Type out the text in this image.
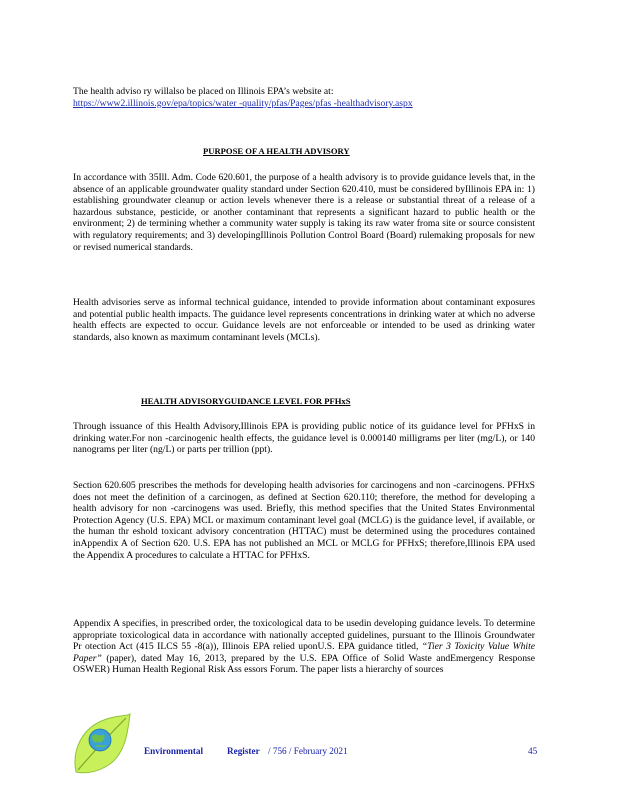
The health adviso ry willalso be placed on Illinois EPA’s website at:
https://www2.illinois.gov/epa/topics/water -quality/pfas/Pages/pfas -healthadvisory.aspx

PURPOSE OF A HEALTH ADVISORY

In accordance with 35Ill. Adm. Code 620.601, the purpose of a health advisory is to provide guidance levels that, in the absence of an applicable groundwater quality standard under Section 620.410, must be considered byIllinois EPA in: 1) establishing groundwater cleanup or action levels whenever there is a release or substantial threat of a release of a hazardous substance, pesticide, or another contaminant that represents a significant hazard to public health or the environment; 2) de termining whether a community water supply is taking its raw water froma site or source consistent with regulatory requirements; and 3) developingIllinois Pollution Control Board (Board) rulemaking proposals for new or revised numerical standards.

Health advisories serve as informal technical guidance, intended to provide information about contaminant exposures and potential public health impacts. The guidance level represents concentrations in drinking water at which no adverse health effects are expected to occur. Guidance levels are not enforceable or intended to be used as drinking water standards, also known as maximum contaminant levels (MCLs).

HEALTH ADVISORYGUIDANCE LEVEL FOR PFHxS

Through issuance of this Health Advisory,Illinois EPA is providing public notice of its guidance level for PFHxS in drinking water.For non -carcinogenic health effects, the guidance level is 0.000140 milligrams per liter (mg/L), or 140 nanograms per liter (ng/L) or parts per trillion (ppt).

Section 620.605 prescribes the methods for developing health advisories for carcinogens and non -carcinogens. PFHxS does not meet the definition of a carcinogen, as defined at Section 620.110; therefore, the method for developing a health advisory for non -carcinogens was used. Briefly, this method specifies that the United States Environmental Protection Agency (U.S. EPA) MCL or maximum contaminant level goal (MCLG) is the guidance level, if available, or the human thr eshold toxicant advisory concentration (HTTAC) must be determined using the procedures contained inAppendix A of Section 620. U.S. EPA has not published an MCL or MCLG for PFHxS; therefore,Illinois EPA used the Appendix A procedures to calculate a HTTAC for PFHxS.

Appendix A specifies, in prescribed order, the toxicological data to be usedin developing guidance levels. To determine appropriate toxicological data in accordance with nationally accepted guidelines, pursuant to the Illinois Groundwater Pr otection Act (415 ILCS 55 -8(a)), Illinois EPA relied uponU.S. EPA guidance titled, “Tier 3 Toxicity Value White Paper” (paper), dated May 16, 2013, prepared by the U.S. EPA Office of Solid Waste andEmergency Response OSWER) Human Health Regional Risk Ass essors Forum. The paper lists a hierarchy of sources

Environmental	Register / 756 / February 2021	45
